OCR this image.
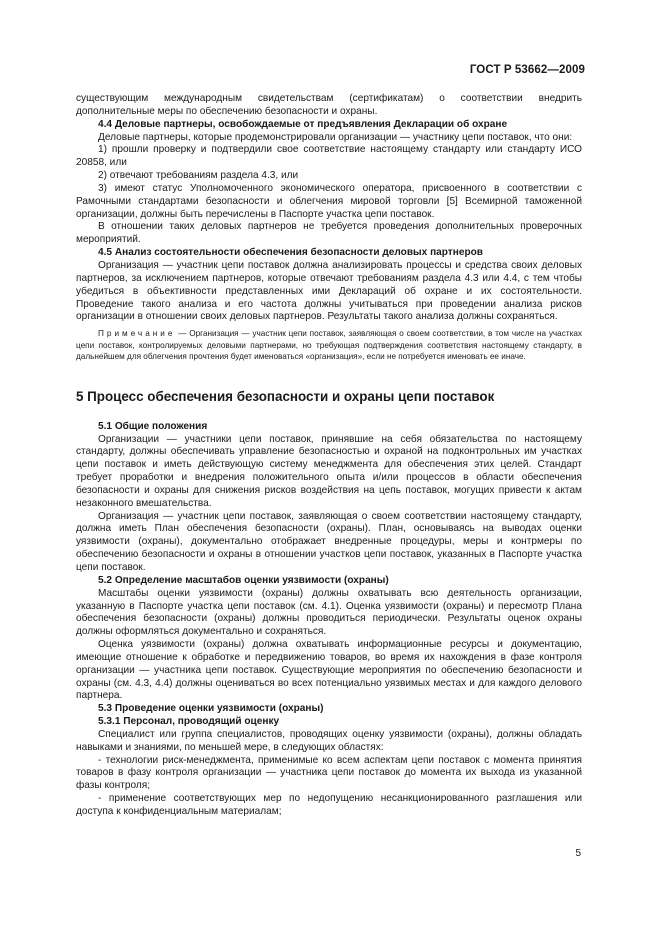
ГОСТ Р 53662—2009

существующим международным свидетельствам (сертификатам) о соответствии внедрить дополнительные меры по обеспечению безопасности и охраны.

4.4 Деловые партнеры, освобождаемые от предъявления Декларации об охране

Деловые партнеры, которые продемонстрировали организации — участнику цепи поставок, что они:

1) прошли проверку и подтвердили свое соответствие настоящему стандарту или стандарту ИСО 20858, или

2) отвечают требованиям раздела 4.3, или

3) имеют статус Уполномоченного экономического оператора, присвоенного в соответствии с Рамочными стандартами безопасности и облегчения мировой торговли [5] Всемирной таможенной организации, должны быть перечислены в Паспорте участка цепи поставок.

В отношении таких деловых партнеров не требуется проведения дополнительных проверочных мероприятий.

4.5 Анализ состоятельности обеспечения безопасности деловых партнеров

Организация — участник цепи поставок должна анализировать процессы и средства своих деловых партнеров, за исключением партнеров, которые отвечают требованиям раздела 4.3 или 4.4, с тем чтобы убедиться в объективности представленных ими Деклараций об охране и их состоятельности. Проведение такого анализа и его частота должны учитываться при проведении анализа рисков организации в отношении своих деловых партнеров. Результаты такого анализа должны сохраняться.

Примечание — Организация — участник цепи поставок, заявляющая о своем соответствии, в том числе на участках цепи поставок, контролируемых деловыми партнерами, но требующая подтверждения соответствия настоящему стандарту, в дальнейшем для облегчения прочтения будет именоваться «организация», если не потребуется именовать ее иначе.

5 Процесс обеспечения безопасности и охраны цепи поставок
5.1 Общие положения

Организации — участники цепи поставок, принявшие на себя обязательства по настоящему стандарту, должны обеспечивать управление безопасностью и охраной на подконтрольных им участках цепи поставок и иметь действующую систему менеджмента для обеспечения этих целей. Стандарт требует проработки и внедрения положительного опыта и/или процессов в области обеспечения безопасности и охраны для снижения рисков воздействия на цепь поставок, могущих привести к актам незаконного вмешательства.

Организация — участник цепи поставок, заявляющая о своем соответствии настоящему стандарту, должна иметь План обеспечения безопасности (охраны). План, основываясь на выводах оценки уязвимости (охраны), документально отображает внедренные процедуры, меры и контрмеры по обеспечению безопасности и охраны в отношении участков цепи поставок, указанных в Паспорте участка цепи поставок.

5.2 Определение масштабов оценки уязвимости (охраны)

Масштабы оценки уязвимости (охраны) должны охватывать всю деятельность организации, указанную в Паспорте участка цепи поставок (см. 4.1). Оценка уязвимости (охраны) и пересмотр Плана обеспечения безопасности (охраны) должны проводиться периодически. Результаты оценок охраны должны оформляться документально и сохраняться.

Оценка уязвимости (охраны) должна охватывать информационные ресурсы и документацию, имеющие отношение к обработке и передвижению товаров, во время их нахождения в фазе контроля организации — участника цепи поставок. Существующие мероприятия по обеспечению безопасности и охраны (см. 4.3, 4.4) должны оцениваться во всех потенциально уязвимых местах и для каждого делового партнера.

5.3 Проведение оценки уязвимости (охраны)
5.3.1 Персонал, проводящий оценку

Специалист или группа специалистов, проводящих оценку уязвимости (охраны), должны обладать навыками и знаниями, по меньшей мере, в следующих областях:

- технологии риск-менеджмента, применимые ко всем аспектам цепи поставок с момента принятия товаров в фазу контроля организации — участника цепи поставок до момента их выхода из указанной фазы контроля;

- применение соответствующих мер по недопущению несанкционированного разглашения или доступа к конфиденциальным материалам;

5
